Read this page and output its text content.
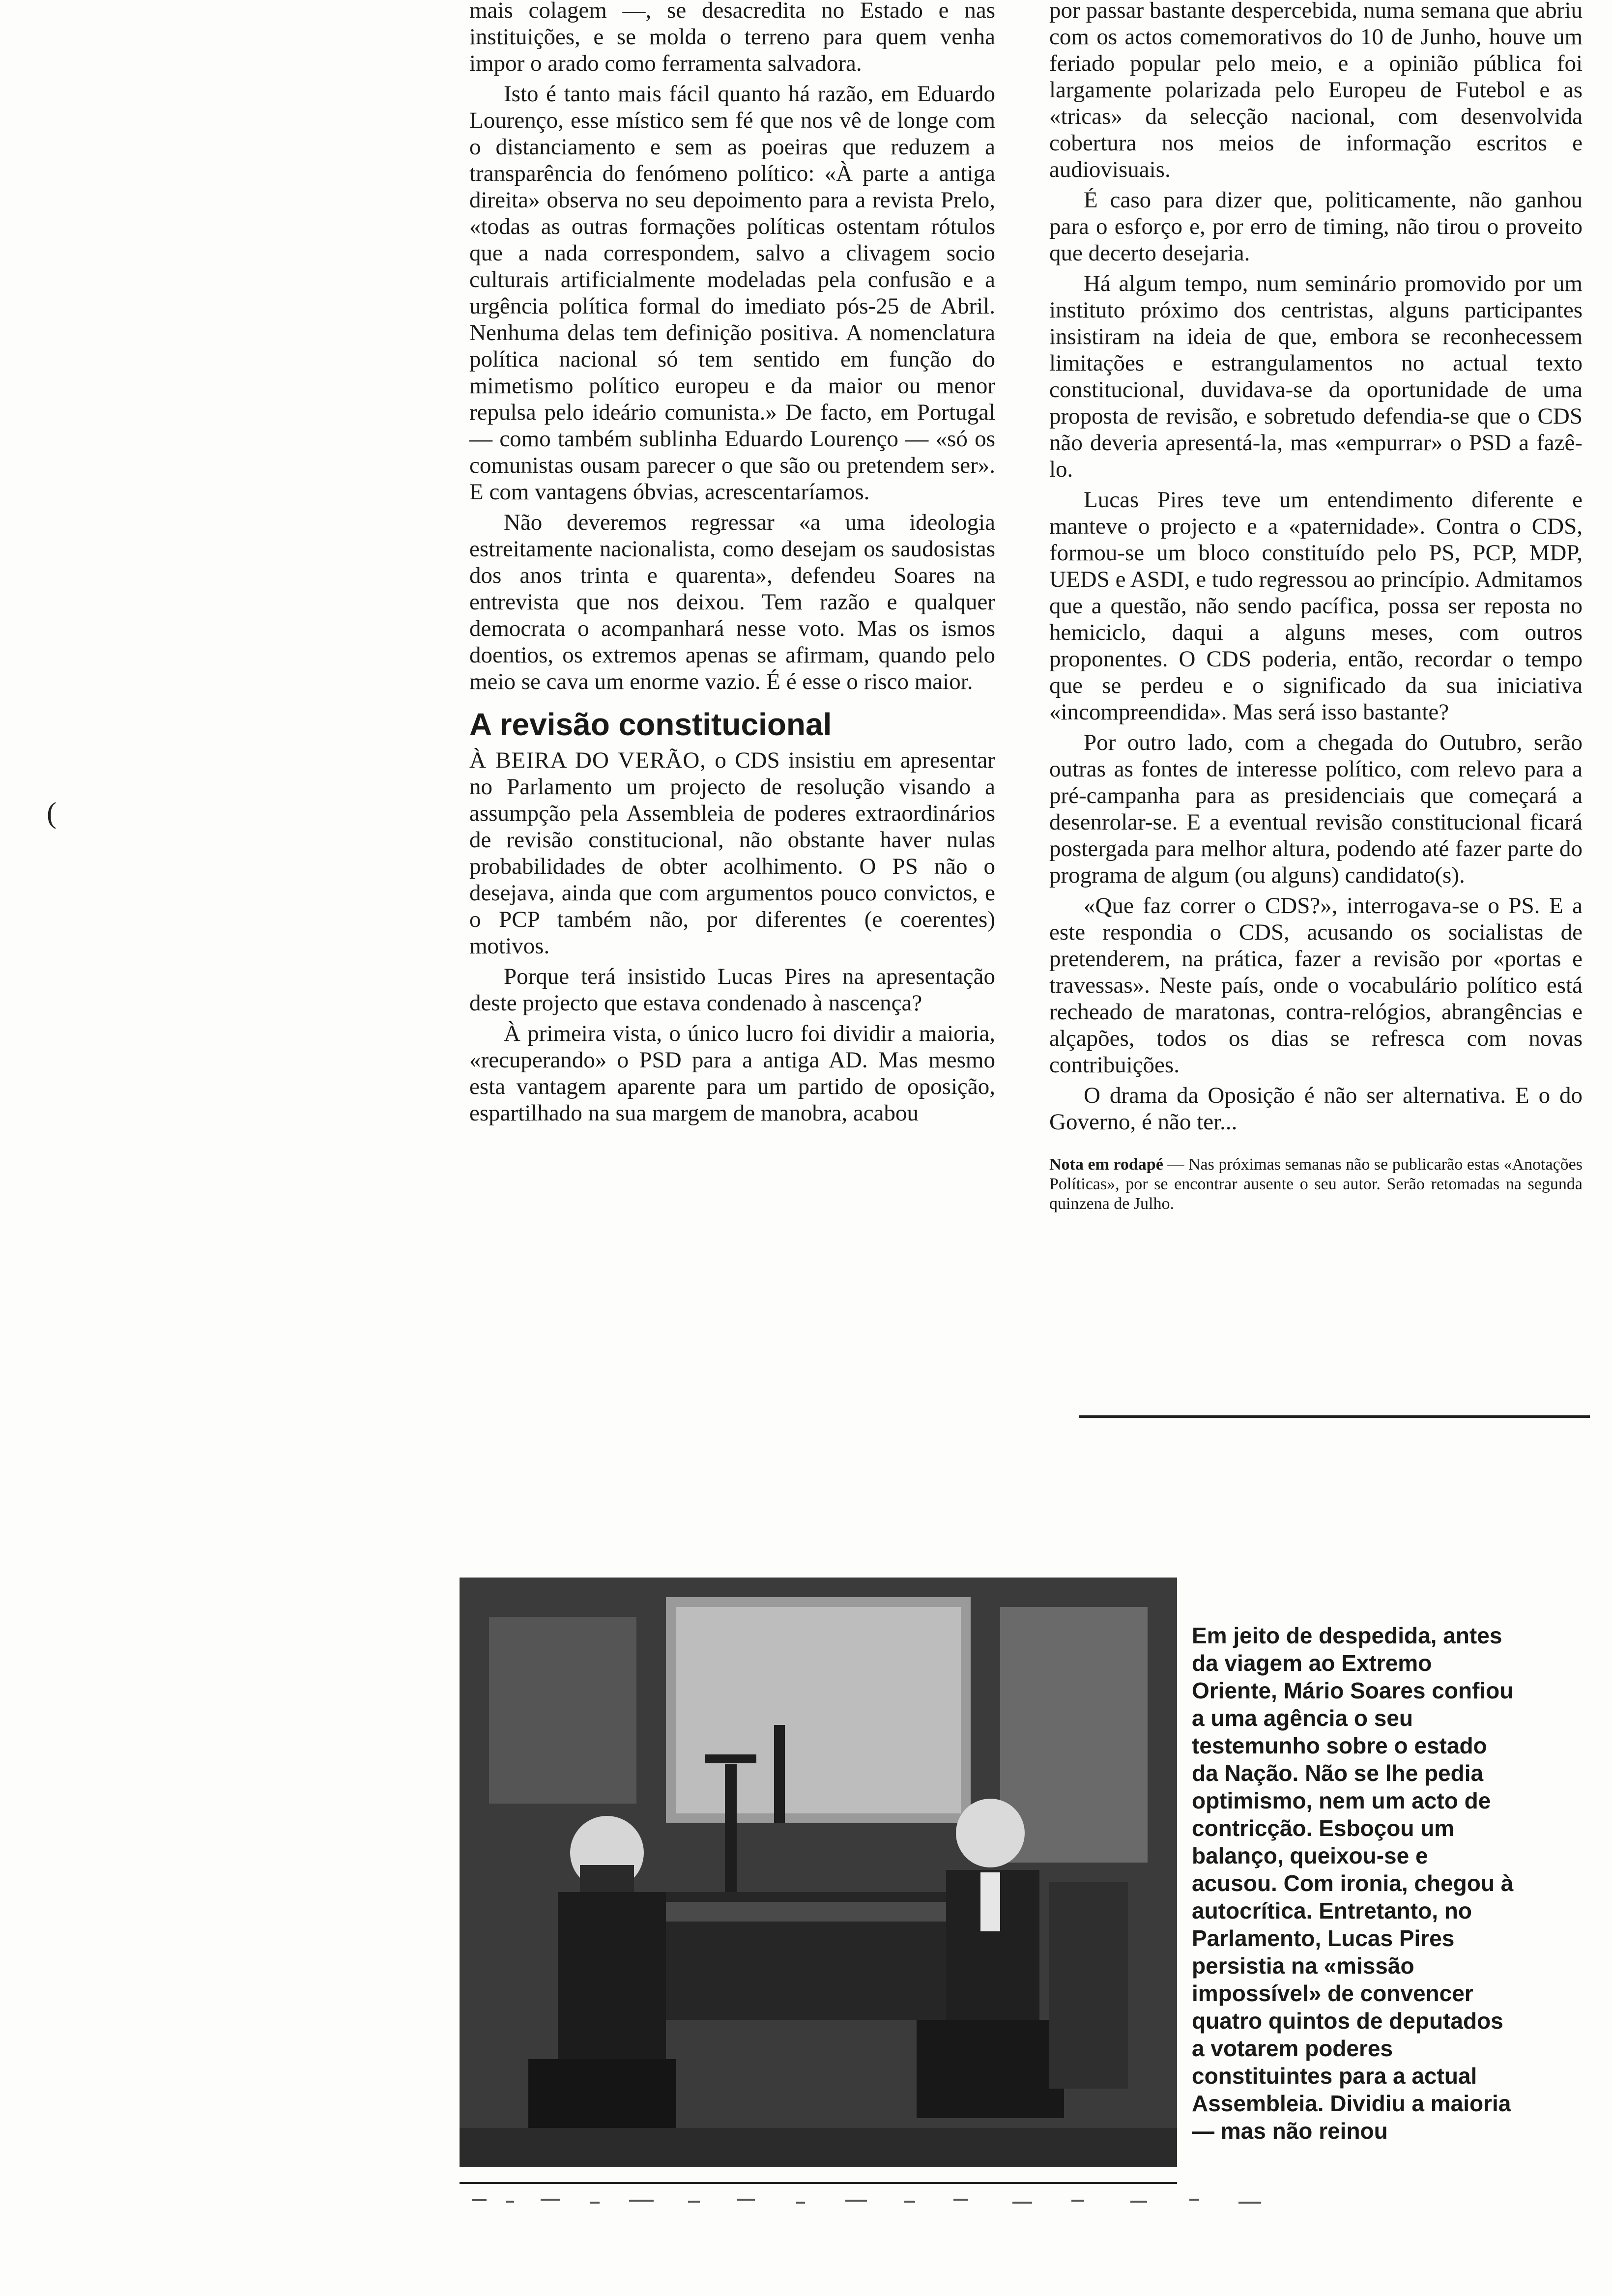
(

mais colagem —, se desacredita no Estado e nas instituições, e se molda o terreno para quem venha impor o arado como ferramenta salvadora.

Isto é tanto mais fácil quanto há razão, em Eduardo Lourenço, esse místico sem fé que nos vê de longe com o distanciamento e sem as poeiras que reduzem a transparência do fenómeno político: «À parte a antiga direita» observa no seu depoimento para a revista Prelo, «todas as outras formações políticas ostentam rótulos que a nada correspondem, salvo a clivagem socio culturais artificialmente modeladas pela confusão e a urgência política formal do imediato pós-25 de Abril. Nenhuma delas tem definição positiva. A nomenclatura política nacional só tem sentido em função do mimetismo político europeu e da maior ou menor repulsa pelo ideário comunista.» De facto, em Portugal — como também sublinha Eduardo Lourenço — «só os comunistas ousam parecer o que são ou pretendem ser». E com vantagens óbvias, acrescentaríamos.

Não deveremos regressar «a uma ideologia estreitamente nacionalista, como desejam os saudosistas dos anos trinta e quarenta», defendeu Soares na entrevista que nos deixou. Tem razão e qualquer democrata o acompanhará nesse voto. Mas os ismos doentios, os extremos apenas se afirmam, quando pelo meio se cava um enorme vazio. É é esse o risco maior.

A revisão constitucional

À BEIRA DO VERÃO, o CDS insistiu em apresentar no Parlamento um projecto de resolução visando a assumpção pela Assembleia de poderes extraordinários de revisão constitucional, não obstante haver nulas probabilidades de obter acolhimento. O PS não o desejava, ainda que com argumentos pouco convictos, e o PCP também não, por diferentes (e coerentes) motivos.

Porque terá insistido Lucas Pires na apresentação deste projecto que estava condenado à nascença?

À primeira vista, o único lucro foi dividir a maioria, «recuperando» o PSD para a antiga AD. Mas mesmo esta vantagem aparente para um partido de oposição, espartilhado na sua margem de manobra, acabou

por passar bastante despercebida, numa semana que abriu com os actos comemorativos do 10 de Junho, houve um feriado popular pelo meio, e a opinião pública foi largamente polarizada pelo Europeu de Futebol e as «tricas» da selecção nacional, com desenvolvida cobertura nos meios de informação escritos e audiovisuais.

É caso para dizer que, politicamente, não ganhou para o esforço e, por erro de timing, não tirou o proveito que decerto desejaria.

Há algum tempo, num seminário promovido por um instituto próximo dos centristas, alguns participantes insistiram na ideia de que, embora se reconhecessem limitações e estrangulamentos no actual texto constitucional, duvidava-se da oportunidade de uma proposta de revisão, e sobretudo defendia-se que o CDS não deveria apresentá-la, mas «empurrar» o PSD a fazê-lo.

Lucas Pires teve um entendimento diferente e manteve o projecto e a «paternidade». Contra o CDS, formou-se um bloco constituído pelo PS, PCP, MDP, UEDS e ASDI, e tudo regressou ao princípio. Admitamos que a questão, não sendo pacífica, possa ser reposta no hemiciclo, daqui a alguns meses, com outros proponentes. O CDS poderia, então, recordar o tempo que se perdeu e o significado da sua iniciativa «incompreendida». Mas será isso bastante?

Por outro lado, com a chegada do Outubro, serão outras as fontes de interesse político, com relevo para a pré-campanha para as presidenciais que começará a desenrolar-se. E a eventual revisão constitucional ficará postergada para melhor altura, podendo até fazer parte do programa de algum (ou alguns) candidato(s).

«Que faz correr o CDS?», interrogava-se o PS. E a este respondia o CDS, acusando os socialistas de pretenderem, na prática, fazer a revisão por «portas e travessas». Neste país, onde o vocabulário político está recheado de maratonas, contra-relógios, abrangências e alçapões, todos os dias se refresca com novas contribuições.

O drama da Oposição é não ser alternativa. E o do Governo, é não ter...

Nota em rodapé — Nas próximas semanas não se publicarão estas «Anotações Políticas», por se encontrar ausente o seu autor. Serão retomadas na segunda quinzena de Julho.
Em jeito de despedida, antes da viagem ao Extremo Oriente, Mário Soares confiou a uma agência o seu testemunho sobre o estado da Nação. Não se lhe pedia optimismo, nem um acto de contricção. Esboçou um balanço, queixou-se e acusou. Com ironia, chegou à autocrítica. Entretanto, no Parlamento, Lucas Pires persistia na «missão impossível» de convencer quatro quintos de deputados a votarem poderes constituintes para a actual Assembleia. Dividiu a maioria — mas não reinou
